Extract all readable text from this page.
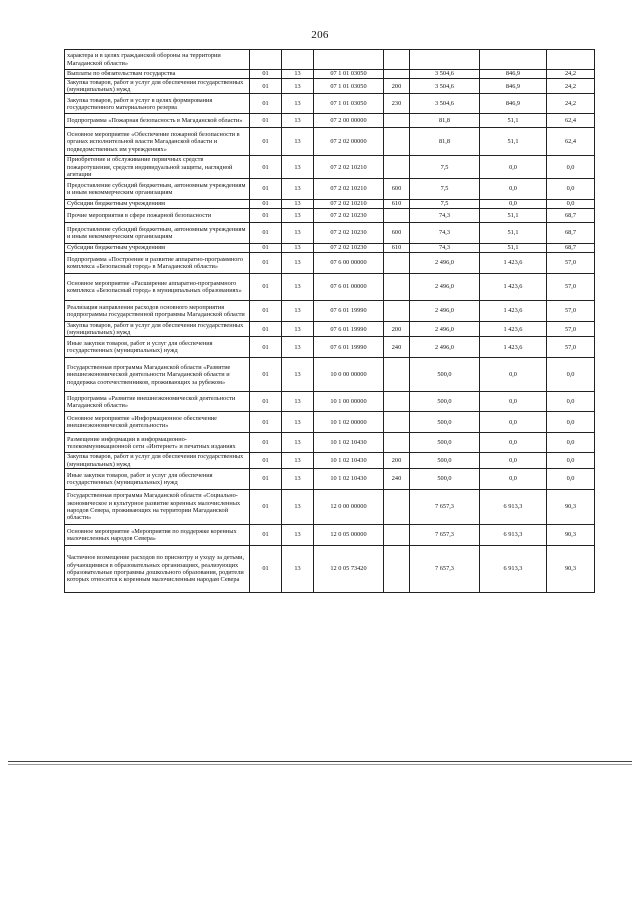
206
характера и в целях гражданской обороны на территории Магаданской области»							
Выплаты по обязательствам государства	01	13	07 1 01 03050		3 504,6	846,9	24,2
Закупка товаров, работ и услуг для обеспечения государственных (муниципальных) нужд	01	13	07 1 01 03050	200	3 504,6	846,9	24,2
Закупка товаров, работ и услуг в целях формирования государственного материального резерва	01	13	07 1 01 03050	230	3 504,6	846,9	24,2
Подпрограмма «Пожарная безопасность в Магаданской области»	01	13	07 2 00 00000		81,8	51,1	62,4
Основное мероприятие «Обеспечение пожарной безопасности в органах исполнительной власти Магаданской области и подведомственных им учреждениях»	01	13	07 2 02 00000		81,8	51,1	62,4
Приобретение и обслуживание первичных средств пожаротушения, средств индивидуальной защиты, наглядной агитации	01	13	07 2 02 10210		7,5	0,0	0,0
Предоставление субсидий бюджетным, автономным учреждениям и иным некоммерческим организациям	01	13	07 2 02 10210	600	7,5	0,0	0,0
Субсидии бюджетным учреждениям	01	13	07 2 02 10210	610	7,5	0,0	0,0
Прочие мероприятия в сфере пожарной безопасности	01	13	07 2 02 10230		74,3	51,1	68,7
Предоставление субсидий бюджетным, автономным учреждениям и иным некоммерческим организациям	01	13	07 2 02 10230	600	74,3	51,1	68,7
Субсидии бюджетным учреждениям	01	13	07 2 02 10230	610	74,3	51,1	68,7
Подпрограмма «Построение и развитие аппаратно-программного комплекса «Безопасный город» в Магаданской области»	01	13	07 6 00 00000		2 496,0	1 423,6	57,0
Основное мероприятие «Расширение аппаратно-программного комплекса «Безопасный город» в муниципальных образованиях»	01	13	07 6 01 00000		2 496,0	1 423,6	57,0
Реализация направления расходов основного мероприятия подпрограммы государственной программы Магаданской области	01	13	07 6 01 19990		2 496,0	1 423,6	57,0
Закупка товаров, работ и услуг для обеспечения государственных (муниципальных) нужд	01	13	07 6 01 19990	200	2 496,0	1 423,6	57,0
Иные закупки товаров, работ и услуг для обеспечения государственных (муниципальных) нужд	01	13	07 6 01 19990	240	2 496,0	1 423,6	57,0
Государственная программа Магаданской области «Развитие внешнеэкономической деятельности Магаданской области и поддержка соотечественников, проживающих за рубежом»	01	13	10 0 00 00000		500,0	0,0	0,0
Подпрограмма «Развитие внешнеэкономической деятельности Магаданской области»	01	13	10 1 00 00000		500,0	0,0	0,0
Основное мероприятие «Информационное обеспечение внешнеэкономической деятельности»	01	13	10 1 02 00000		500,0	0,0	0,0
Размещение информации в информационно-телекоммуникационной сети «Интернет» и печатных изданиях	01	13	10 1 02 10430		500,0	0,0	0,0
Закупка товаров, работ и услуг для обеспечения государственных (муниципальных) нужд	01	13	10 1 02 10430	200	500,0	0,0	0,0
Иные закупки товаров, работ и услуг для обеспечения государственных (муниципальных) нужд	01	13	10 1 02 10430	240	500,0	0,0	0,0
Государственная программа Магаданской области «Социально-экономическое и культурное развитие коренных малочисленных народов Севера, проживающих на территории Магаданской области»	01	13	12 0 00 00000		7 657,3	6 913,3	90,3
Основное мероприятие «Мероприятия по поддержке коренных малочисленных народов Севера»	01	13	12 0 05 00000		7 657,3	6 913,3	90,3
Частичное возмещение расходов по присмотру и уходу за детьми, обучающимися в образовательных организациях, реализующих образовательные программы дошкольного образования, родители которых относятся к коренным малочисленным народам Севера	01	13	12 0 05 73420		7 657,3	6 913,3	90,3
